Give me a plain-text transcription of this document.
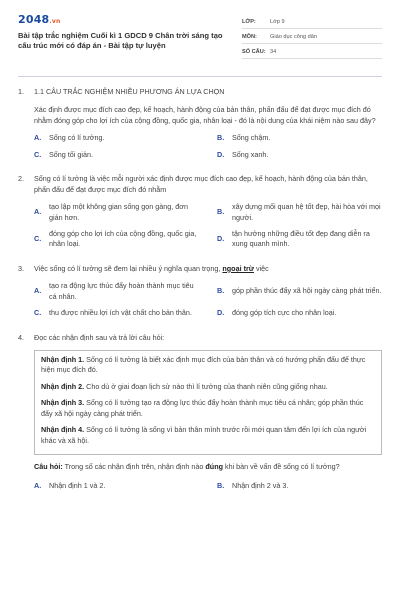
2048.vn
Bài tập trắc nghiệm Cuối kì 1 GDCD 9 Chân trời sáng tạo cấu trúc mới có đáp án - Bài tập tự luyện
LỚP:	Lớp 9
MÔN:	Giáo dục công dân
SỐ CÂU: 34
1.	1.1 CÂU TRẮC NGHIỆM NHIỀU PHƯƠNG ÁN LỰA CHỌN
Xác định được mục đích cao đẹp, kế hoạch, hành động của bản thân, phấn đấu để đạt được mục đích đó nhằm đóng góp cho lợi ích của cộng đồng, quốc gia, nhân loại - đó là nội dung của khái niệm nào sau đây?
A.	Sống có lí tưởng.	B.	Sống chậm.
C.	Sống tối giản.	D.	Sống xanh.
2.	Sống có lí tưởng là việc mỗi người xác định được mục đích cao đẹp, kế hoạch, hành động của bản thân, phấn đấu để đạt được mục đích đó nhằm
A.
tạo lập một không gian sống gọn gàng, đơn giản hơn.
B.
xây dựng mối quan hệ tốt đẹp, hài hòa với mọi người.
C.
đóng góp cho lợi ích của cộng đồng, quốc gia, nhân loại.
D.
tận hưởng những điều tốt đẹp đang diễn ra xung quanh mình.
3.	Việc sống có lí tưởng sẽ đem lại nhiều ý nghĩa quan trọng, ngoại trừ việc
A.
tạo ra động lực thúc đẩy hoàn thành mục tiêu cá nhân.
B.	góp phần thúc đẩy xã hội ngày càng phát triển.
C.	thu được nhiều lợi ích vật chất cho bản thân.	D.	đóng góp tích cực cho nhân loại.
4.	Đọc các nhận định sau và trả lời câu hỏi:
Nhận định 1. Sống có lí tưởng là biết xác định mục đích của bản thân và có hướng phấn đấu để thực hiện mục đích đó.
Nhận định 2. Cho dù ở giai đoạn lịch sử nào thì lí tưởng của thanh niên cũng giống nhau.
Nhận định 3. Sống có lí tưởng tạo ra động lực thúc đẩy hoàn thành mục tiêu cá nhân; góp phần thúc đẩy xã hội ngày càng phát triển.
Nhận định 4. Sống có lí tưởng là sống vì bản thân mình trước rồi mới quan tâm đến lợi ích của người khác và xã hội.
Câu hỏi: Trong số các nhận định trên, nhận định nào đúng khi bàn về vấn đề sống có lí tưởng?
A.	Nhận định 1 và 2.	B.	Nhận định 2 và 3.
